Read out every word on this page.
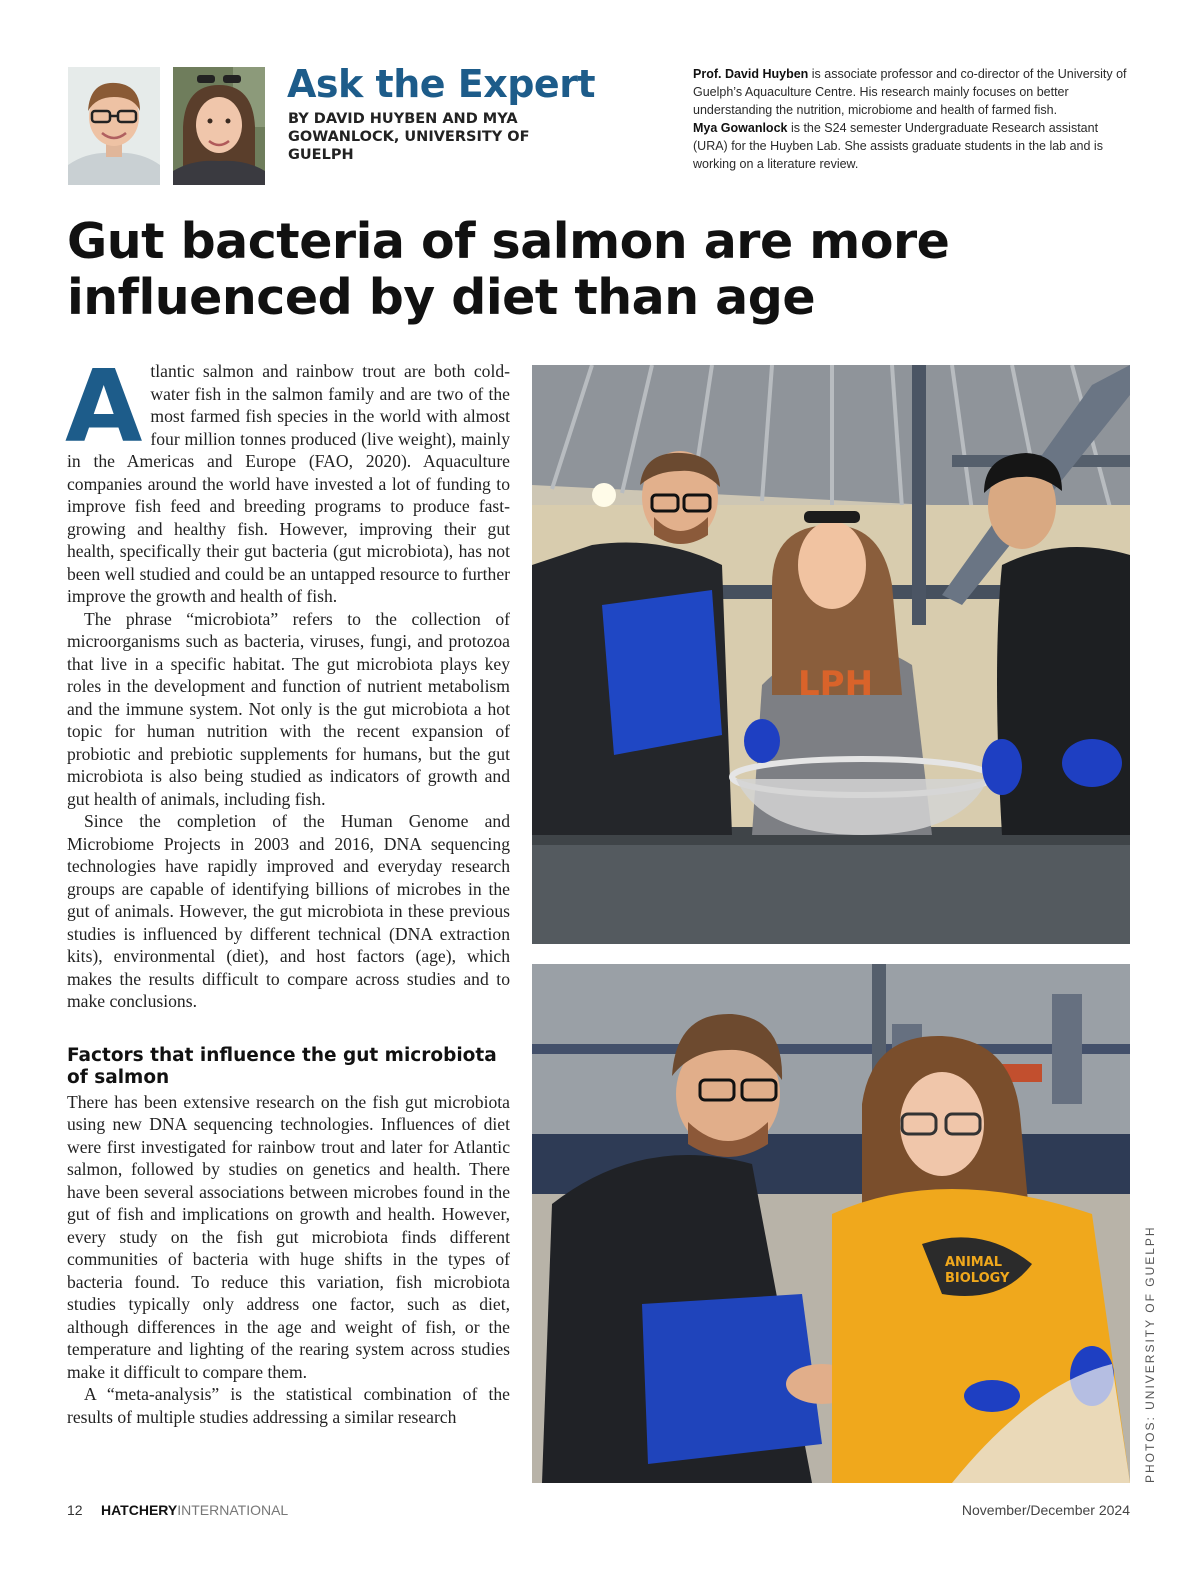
Ask the Expert
BY DAVID HUYBEN AND MYA GOWANLOCK, UNIVERSITY OF GUELPH

Prof. David Huyben is associate professor and co-director of the University of Guelph’s Aquaculture Centre. His research mainly focuses on better understanding the nutrition, microbiome and health of farmed fish.

Mya Gowanlock is the S24 semester Undergraduate Research assistant (URA) for the Huyben Lab. She assists graduate students in the lab and is working on a literature review.

Gut bacteria of salmon are more influenced by diet than age

Atlantic salmon and rainbow trout are both cold-water fish in the salmon family and are two of the most farmed fish species in the world with almost four million tonnes produced (live weight), mainly in the Americas and Europe (FAO, 2020). Aquaculture companies around the world have invested a lot of funding to improve fish feed and breeding programs to produce fast-growing and healthy fish. However, improving their gut health, specifically their gut bacteria (gut microbiota), has not been well studied and could be an untapped resource to further improve the growth and health of fish.

The phrase “microbiota” refers to the collection of microorganisms such as bacteria, viruses, fungi, and protozoa that live in a specific habitat. The gut microbiota plays key roles in the development and function of nutrient metabolism and the immune system. Not only is the gut microbiota a hot topic for human nutrition with the recent expansion of probiotic and prebiotic supplements for humans, but the gut microbiota is also being studied as indicators of growth and gut health of animals, including fish.

Since the completion of the Human Genome and Microbiome Projects in 2003 and 2016, DNA sequencing technologies have rapidly improved and everyday research groups are capable of identifying billions of microbes in the gut of animals. However, the gut microbiota in these previous studies is influenced by different technical (DNA extraction kits), environmental (diet), and host factors (age), which makes the results difficult to compare across studies and to make conclusions.

Factors that influence the gut microbiota of salmon

There has been extensive research on the fish gut microbiota using new DNA sequencing technologies. Influences of diet were first investigated for rainbow trout and later for Atlantic salmon, followed by studies on genetics and health. There have been several associations between microbes found in the gut of fish and implications on growth and health. However, every study on the fish gut microbiota finds different communities of bacteria with huge shifts in the types of bacteria found. To reduce this variation, fish microbiota studies typically only address one factor, such as diet, although differences in the age and weight of fish, or the temperature and lighting of the rearing system across studies make it difficult to compare them.

A “meta-analysis” is the statistical combination of the results of multiple studies addressing a similar research

LPH
ANIMAL
BIOLOGY	PHOTOS: UNIVERSITY OF GUELPH
12 HATCHERYINTERNATIONAL	November/December 2024
